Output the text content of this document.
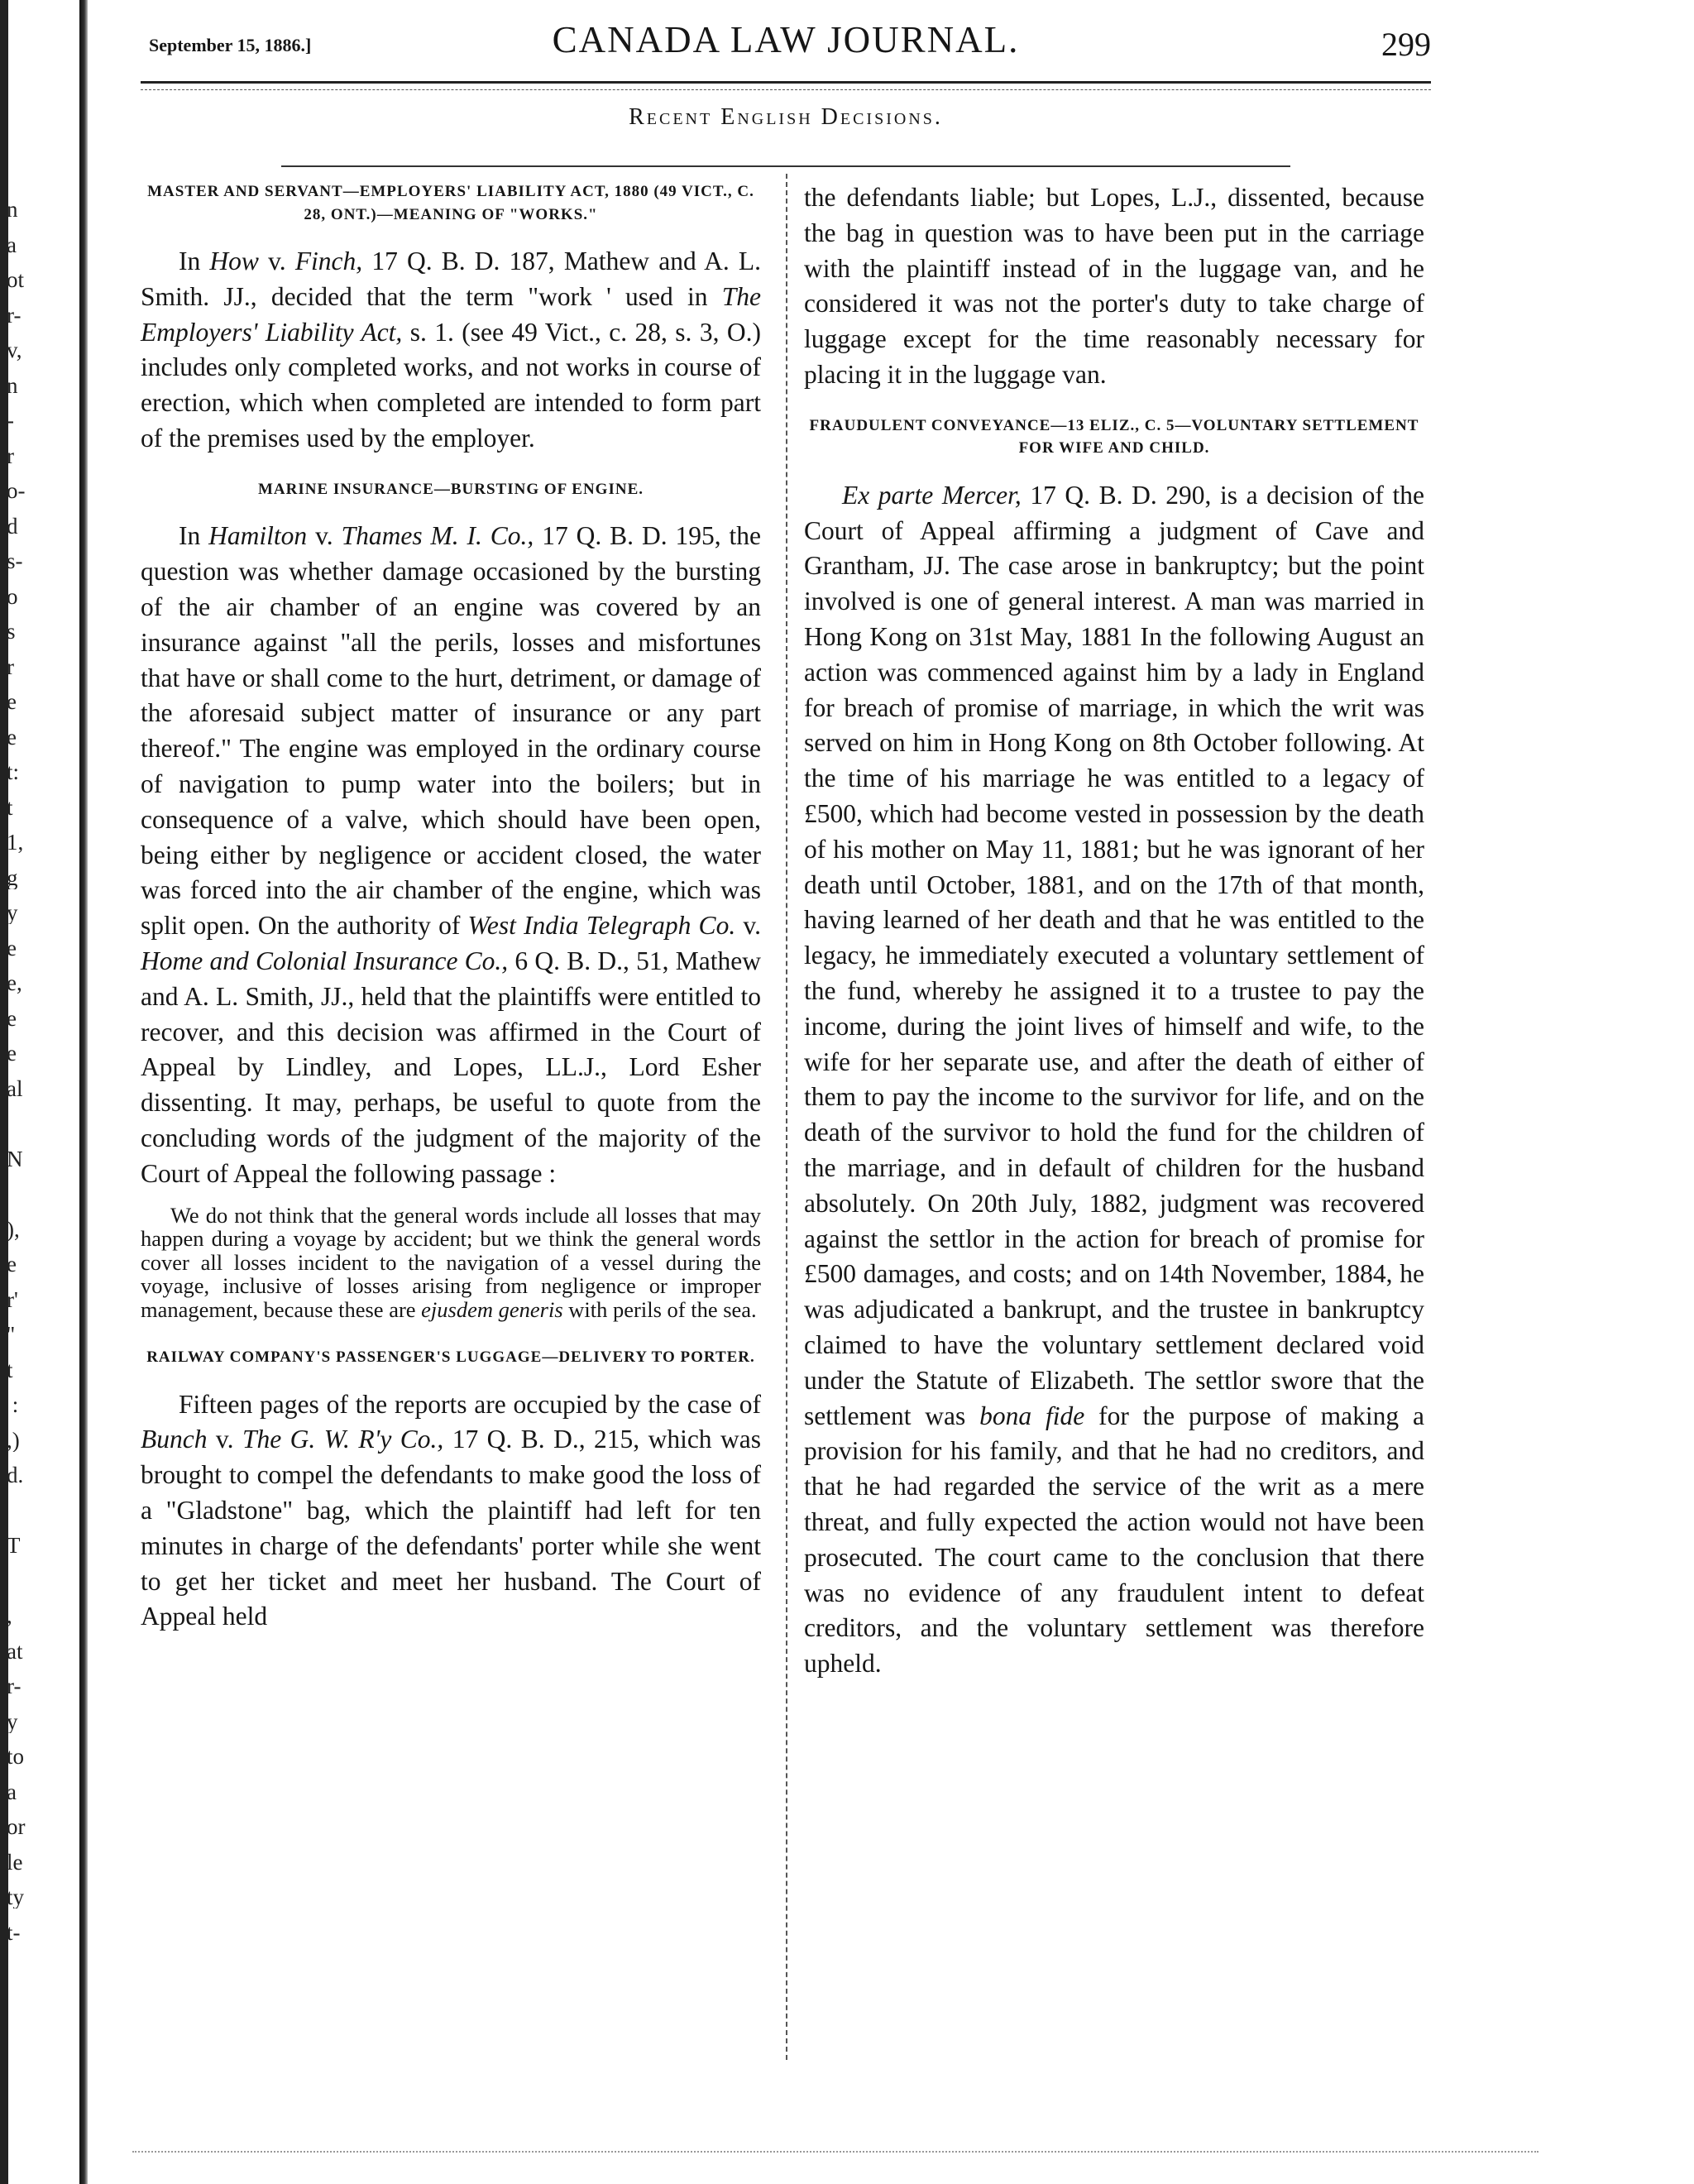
n
a
ot
r-
v,
n
-
r
o-
d
s-
o
s
r
e
e
t:
t
1,
g
y
e
e,
e
e
al
N
),
e
r'
''
t
:
,)
d.
T
,
at
r-
y
to
a
or
le
ty
t-
September 15, 1886.]	CANADA LAW JOURNAL.	299
Recent English Decisions.
MASTER AND SERVANT—EMPLOYERS' LIABILITY ACT, 1880 (49 VICT., C. 28, ONT.)—MEANING OF "WORKS."

In How v. Finch, 17 Q. B. D. 187, Mathew and A. L. Smith. JJ., decided that the term "work ' used in The Employers' Liability Act, s. 1. (see 49 Vict., c. 28, s. 3, O.) includes only completed works, and not works in course of erection, which when completed are intended to form part of the premises used by the employer.

MARINE INSURANCE—BURSTING OF ENGINE.

In Hamilton v. Thames M. I. Co., 17 Q. B. D. 195, the question was whether damage occasioned by the bursting of the air chamber of an engine was covered by an insurance against "all the perils, losses and misfortunes that have or shall come to the hurt, detriment, or damage of the aforesaid subject matter of insurance or any part thereof." The engine was employed in the ordinary course of navigation to pump water into the boilers; but in consequence of a valve, which should have been open, being either by negligence or accident closed, the water was forced into the air chamber of the engine, which was split open. On the authority of West India Telegraph Co. v. Home and Colonial Insurance Co., 6 Q. B. D., 51, Mathew and A. L. Smith, JJ., held that the plaintiffs were entitled to recover, and this decision was affirmed in the Court of Appeal by Lindley, and Lopes, LL.J., Lord Esher dissenting. It may, perhaps, be useful to quote from the concluding words of the judgment of the majority of the Court of Appeal the following passage :

We do not think that the general words include all losses that may happen during a voyage by accident; but we think the general words cover all losses incident to the navigation of a vessel during the voyage, inclusive of losses arising from negligence or improper management, because these are ejusdem generis with perils of the sea.

RAILWAY COMPANY'S PASSENGER'S LUGGAGE—DELIVERY TO PORTER.

Fifteen pages of the reports are occupied by the case of Bunch v. The G. W. R'y Co., 17 Q. B. D., 215, which was brought to compel the defendants to make good the loss of a "Gladstone" bag, which the plaintiff had left for ten minutes in charge of the defendants' porter while she went to get her ticket and meet her husband. The Court of Appeal held

the defendants liable; but Lopes, L.J., dissented, because the bag in question was to have been put in the carriage with the plaintiff instead of in the luggage van, and he considered it was not the porter's duty to take charge of luggage except for the time reasonably necessary for placing it in the luggage van.

FRAUDULENT CONVEYANCE—13 ELIZ., C. 5—VOLUNTARY SETTLEMENT FOR WIFE AND CHILD.

Ex parte Mercer, 17 Q. B. D. 290, is a decision of the Court of Appeal affirming a judgment of Cave and Grantham, JJ. The case arose in bankruptcy; but the point involved is one of general interest. A man was married in Hong Kong on 31st May, 1881 In the following August an action was commenced against him by a lady in England for breach of promise of marriage, in which the writ was served on him in Hong Kong on 8th October following. At the time of his marriage he was entitled to a legacy of £500, which had become vested in possession by the death of his mother on May 11, 1881; but he was ignorant of her death until October, 1881, and on the 17th of that month, having learned of her death and that he was entitled to the legacy, he immediately executed a voluntary settlement of the fund, whereby he assigned it to a trustee to pay the income, during the joint lives of himself and wife, to the wife for her separate use, and after the death of either of them to pay the income to the survivor for life, and on the death of the survivor to hold the fund for the children of the marriage, and in default of children for the husband absolutely. On 20th July, 1882, judgment was recovered against the settlor in the action for breach of promise for £500 damages, and costs; and on 14th November, 1884, he was adjudicated a bankrupt, and the trustee in bankruptcy claimed to have the voluntary settlement declared void under the Statute of Elizabeth. The settlor swore that the settlement was bona fide for the purpose of making a provision for his family, and that he had no creditors, and that he had regarded the service of the writ as a mere threat, and fully expected the action would not have been prosecuted. The court came to the conclusion that there was no evidence of any fraudulent intent to defeat creditors, and the voluntary settlement was therefore upheld.
